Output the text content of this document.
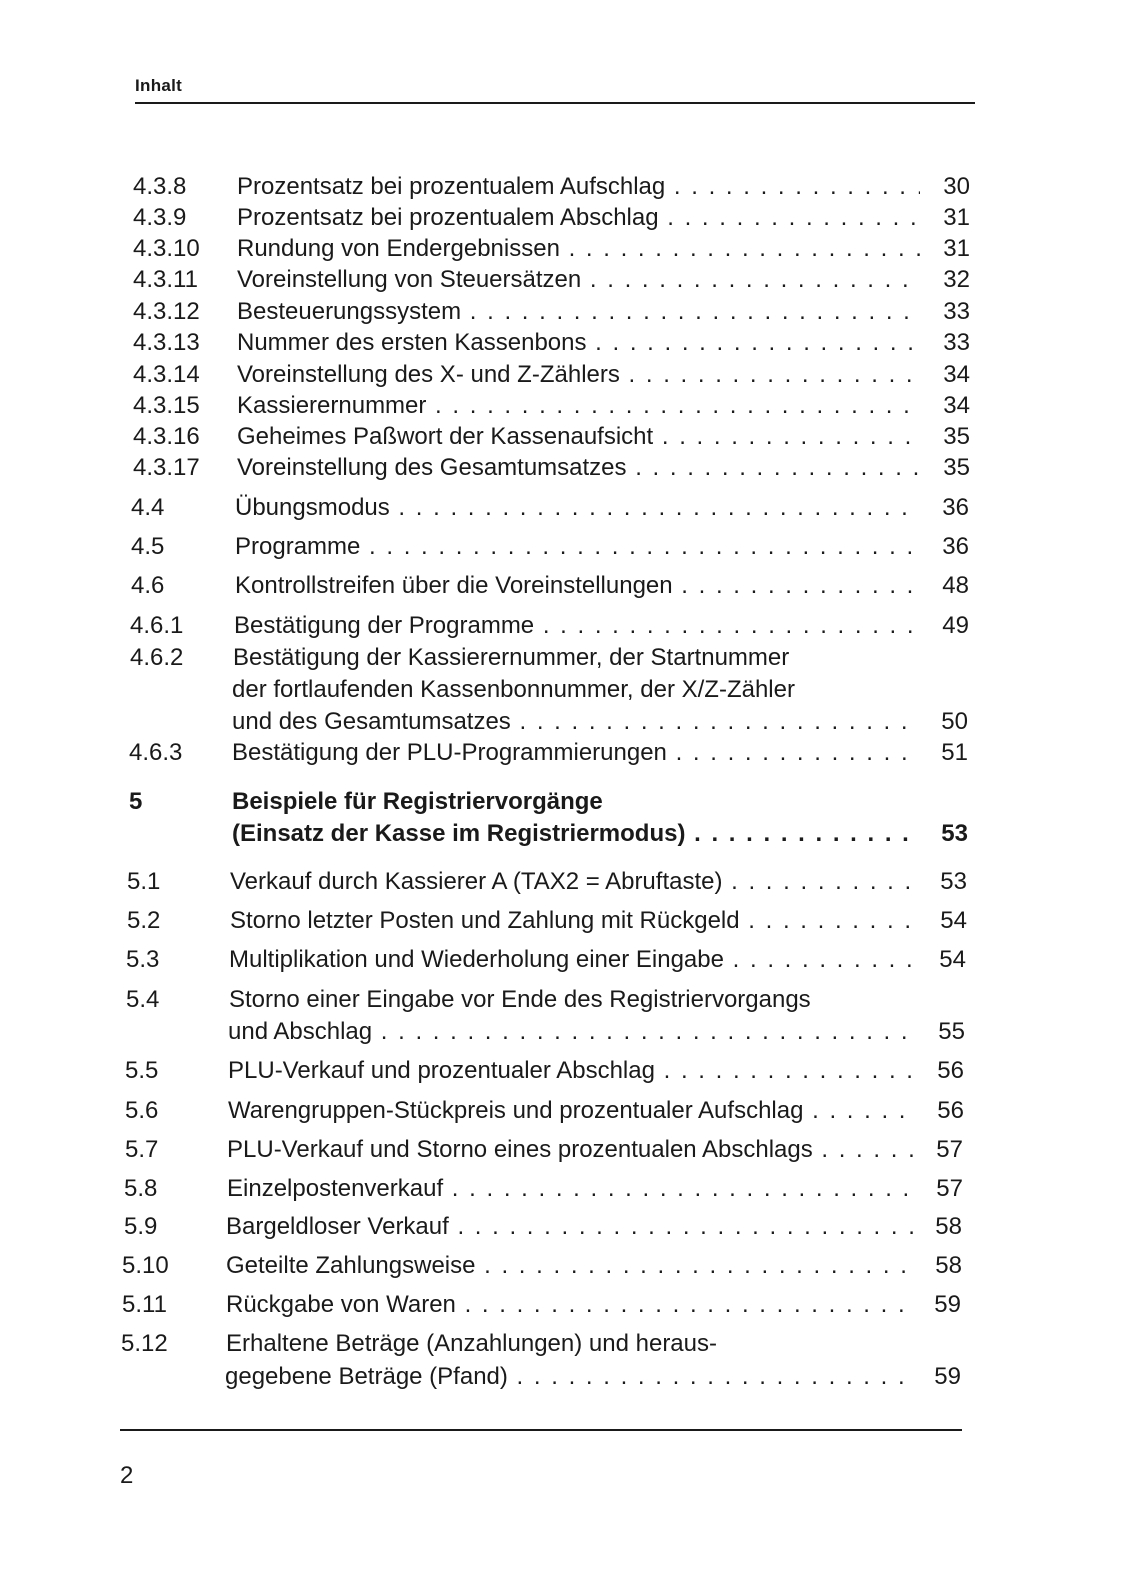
Inhalt
4.3.8 Prozentsatz bei prozentualem Aufschlag . . .	30
4.3.9 Prozentsatz bei prozentualem Abschlag . . .	31
4.3.10 Rundung von Endergebnissen . . .	31
4.3.11 Voreinstellung von Steuersätzen . . .	32
4.3.12 Besteuerungssystem . . .	33
4.3.13 Nummer des ersten Kassenbons . . .	33
4.3.14 Voreinstellung des X- und Z-Zählers . . .	34
4.3.15 Kassierernummer . . .	34
4.3.16 Geheimes Paßwort der Kassenaufsicht . . .	35
4.3.17 Voreinstellung des Gesamtumsatzes . . .	35
4.4	Übungsmodus . . .	36
4.5	Programme . . .	36
4.6	Kontrollstreifen über die Voreinstellungen . . .	48
4.6.1 Bestätigung der Programme . . .	49
4.6.2 Bestätigung der Kassierernummer, der Startnummer
der fortlaufenden Kassenbonnummer, der X/Z-Zähler
und des Gesamtumsatzes . . .	50
4.6.3 Bestätigung der PLU-Programmierungen . . .	51
5	Beispiele für Registriervorgänge
(Einsatz der Kasse im Registriermodus) . . .	53
5.1	Verkauf durch Kassierer A (TAX2 = Abruftaste) . . .	53
5.2	Storno letzter Posten und Zahlung mit Rückgeld . . .	54
5.3	Multiplikation und Wiederholung einer Eingabe . . .	54
5.4	Storno einer Eingabe vor Ende des Registriervorgangs
und Abschlag . . .	55
5.5	PLU-Verkauf und prozentualer Abschlag . . .	56
5.6	Warengruppen-Stückpreis und prozentualer Aufschlag . . .	56
5.7	PLU-Verkauf und Storno eines prozentualen Abschlags . . .	57
5.8	Einzelpostenverkauf . . .	57
5.9	Bargeldloser Verkauf . . .	58
5.10 Geteilte Zahlungsweise . . .	58
5.11 Rückgabe von Waren . . .	59
5.12 Erhaltene Beträge (Anzahlungen) und heraus-
gegebene Beträge (Pfand) . . .	59
2
